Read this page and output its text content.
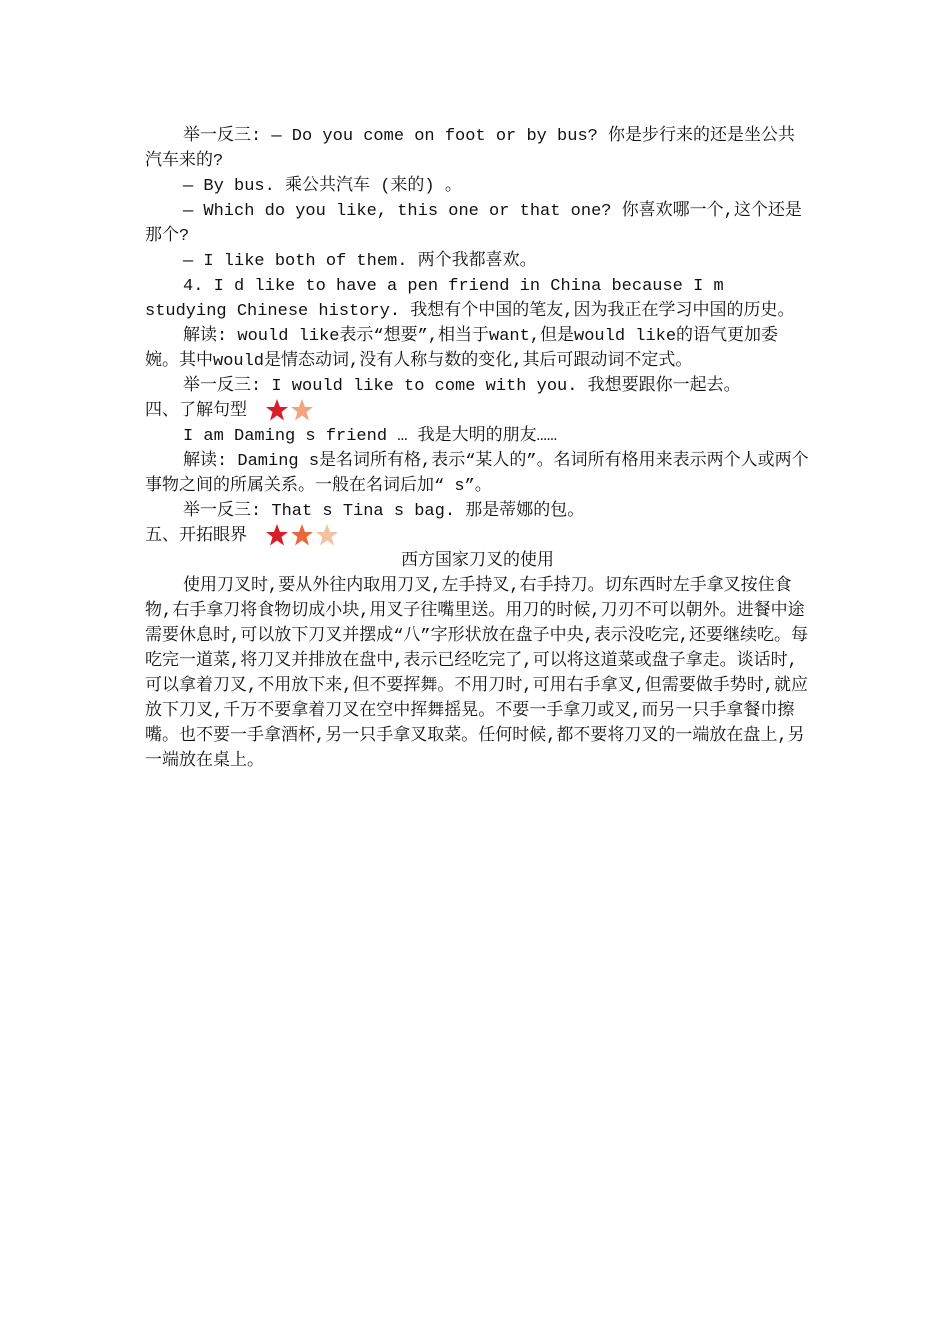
举一反三: — Do you come on foot or by bus? 你是步行来的还是坐公共汽车来的?

— By bus. 乘公共汽车 (来的) 。

— Which do you like, this one or that one? 你喜欢哪一个,这个还是那个?

— I like both of them. 两个我都喜欢。

4. I d like to have a pen friend in China because I m studying Chinese history. 我想有个中国的笔友,因为我正在学习中国的历史。

解读: would like表示“想要”,相当于want,但是would like的语气更加委婉。其中would是情态动词,没有人称与数的变化,其后可跟动词不定式。

举一反三: I would like to come with you. 我想要跟你一起去。

四、了解句型

I am Daming s friend … 我是大明的朋友……

解读: Daming s是名词所有格,表示“某人的”。名词所有格用来表示两个人或两个事物之间的所属关系。一般在名词后加“ s”。

举一反三: That s Tina s bag. 那是蒂娜的包。

五、开拓眼界

西方国家刀叉的使用

使用刀叉时,要从外往内取用刀叉,左手持叉,右手持刀。切东西时左手拿叉按住食物,右手拿刀将食物切成小块,用叉子往嘴里送。用刀的时候,刀刃不可以朝外。进餐中途需要休息时,可以放下刀叉并摆成“八”字形状放在盘子中央,表示没吃完,还要继续吃。每吃完一道菜,将刀叉并排放在盘中,表示已经吃完了,可以将这道菜或盘子拿走。谈话时,可以拿着刀叉,不用放下来,但不要挥舞。不用刀时,可用右手拿叉,但需要做手势时,就应放下刀叉,千万不要拿着刀叉在空中挥舞摇晃。不要一手拿刀或叉,而另一只手拿餐巾擦嘴。也不要一手拿酒杯,另一只手拿叉取菜。任何时候,都不要将刀叉的一端放在盘上,另一端放在桌上。
